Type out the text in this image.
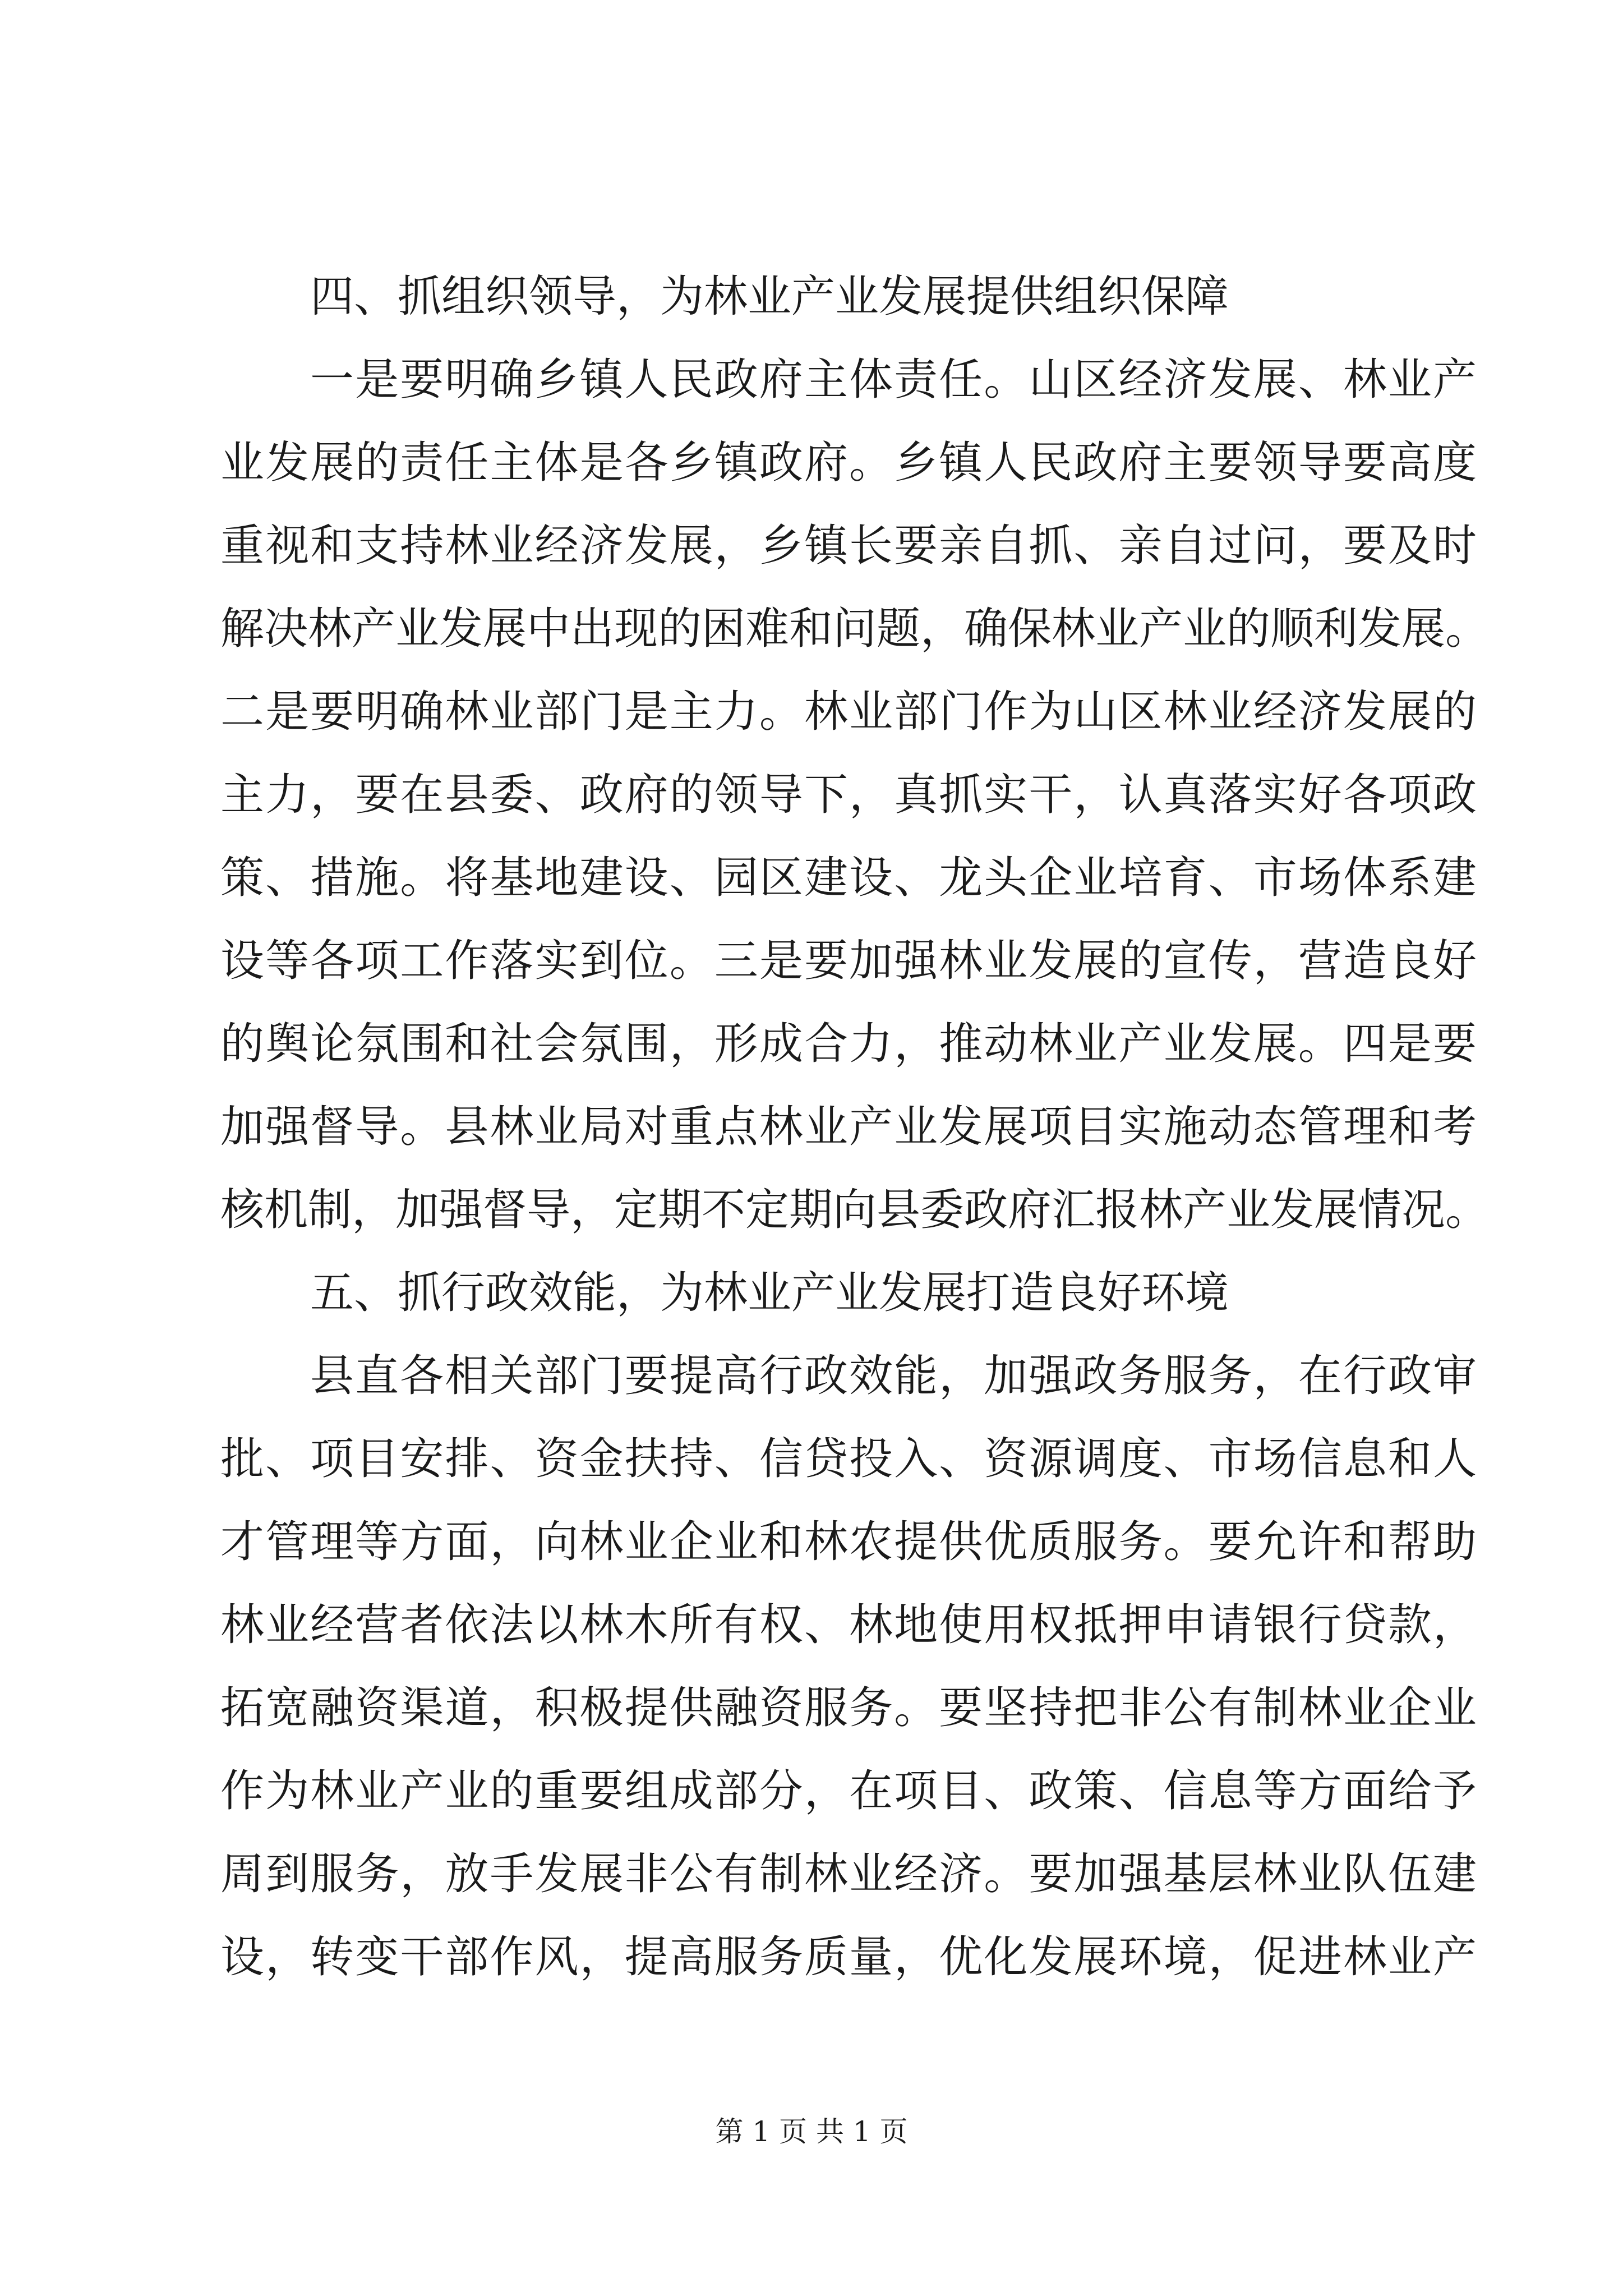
四、抓组织领导，为林业产业发展提供组织保障
一是要明确乡镇人民政府主体责任。山区经济发展、林业产
业发展的责任主体是各乡镇政府。乡镇人民政府主要领导要高度
重视和支持林业经济发展，乡镇长要亲自抓、亲自过问，要及时
解决林产业发展中出现的困难和问题，确保林业产业的顺利发展。
二是要明确林业部门是主力。林业部门作为山区林业经济发展的
主力，要在县委、政府的领导下，真抓实干，认真落实好各项政
策、措施。将基地建设、园区建设、龙头企业培育、市场体系建
设等各项工作落实到位。三是要加强林业发展的宣传，营造良好
的舆论氛围和社会氛围，形成合力，推动林业产业发展。四是要
加强督导。县林业局对重点林业产业发展项目实施动态管理和考
核机制，加强督导，定期不定期向县委政府汇报林产业发展情况。
五、抓行政效能，为林业产业发展打造良好环境
县直各相关部门要提高行政效能，加强政务服务，在行政审
批、项目安排、资金扶持、信贷投入、资源调度、市场信息和人
才管理等方面，向林业企业和林农提供优质服务。要允许和帮助
林业经营者依法以林木所有权、林地使用权抵押申请银行贷款，
拓宽融资渠道，积极提供融资服务。要坚持把非公有制林业企业
作为林业产业的重要组成部分，在项目、政策、信息等方面给予
周到服务，放手发展非公有制林业经济。要加强基层林业队伍建
设，转变干部作风，提高服务质量，优化发展环境，促进林业产
第 1 页 共 1 页
